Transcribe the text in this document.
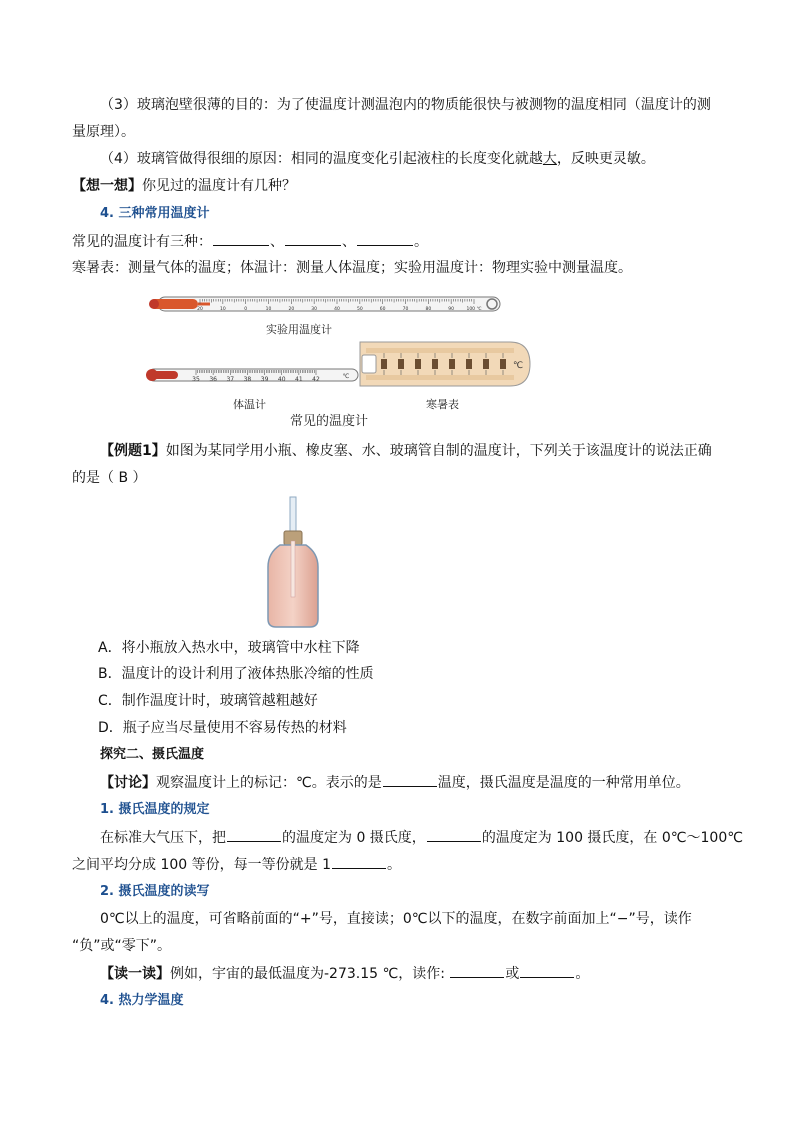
（3）玻璃泡壁很薄的目的：为了使温度计测温泡内的物质能很快与被测物的温度相同（温度计的测
量原理）。
（4）玻璃管做得很细的原因：相同的温度变化引起液柱的长度变化就越大，反映更灵敏。
【想一想】你见过的温度计有几种？
4. 三种常用温度计
常见的温度计有三种：	、	、	。
寒暑表：测量气体的温度；体温计：测量人体温度；实验用温度计：物理实验中测量温度。
20	10	0	10	20	30	40	50	60	70	80	90	100 ℃
35 36 37 38 39 40 41 42	℃
℃
实验用温度计
体温计	寒暑表
常见的温度计
【例题1】如图为某同学用小瓶、橡皮塞、水、玻璃管自制的温度计，下列关于该温度计的说法正确
的是（ B ）
A．将小瓶放入热水中，玻璃管中水柱下降
B．温度计的设计利用了液体热胀冷缩的性质
C．制作温度计时，玻璃管越粗越好
D．瓶子应当尽量使用不容易传热的材料
探究二、摄氏温度
【讨论】观察温度计上的标记：℃。表示的是	温度，摄氏温度是温度的一种常用单位。
1. 摄氏温度的规定
在标准大气压下，把	的温度定为 0 摄氏度，	的温度定为 100 摄氏度，在 0℃～100℃
之间平均分成 100 等份，每一等份就是 1	。
2. 摄氏温度的读写
0℃以上的温度，可省略前面的“+”号，直接读；0℃以下的温度，在数字前面加上“−”号，读作
“负”或“零下”。
【读一读】例如，宇宙的最低温度为-273.15 ℃，读作:	或	。
4. 热力学温度
